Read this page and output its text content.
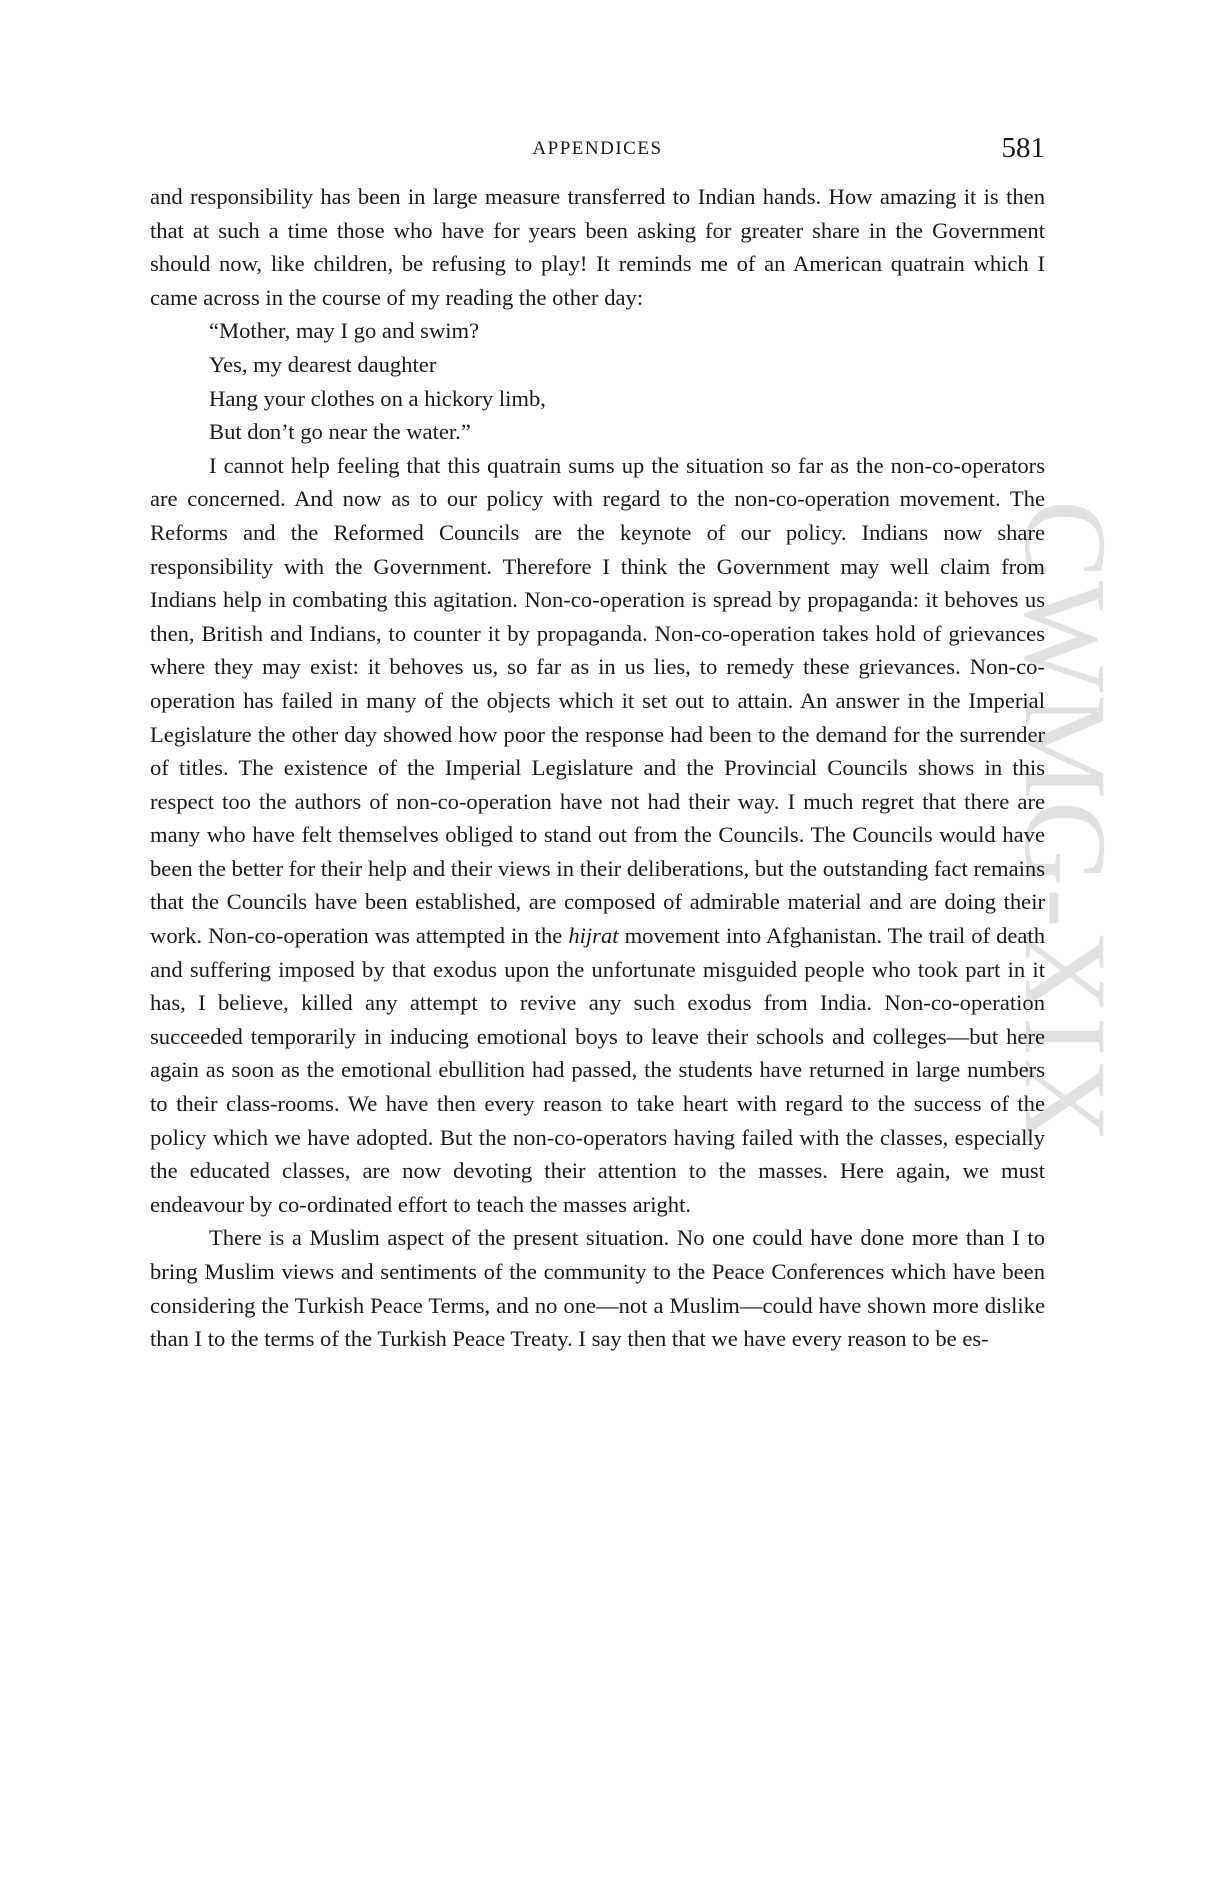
APPENDICES	581
CWMG-XIX

and responsibility has been in large measure transferred to Indian hands. How amazing it is then that at such a time those who have for years been asking for greater share in the Government should now, like children, be refusing to play! It reminds me of an American quatrain which I came across in the course of my reading the other day:

“Mother, may I go and swim?
Yes, my dearest daughter
Hang your clothes on a hickory limb,
But don’t go near the water.”

I cannot help feeling that this quatrain sums up the situation so far as the non-co-operators are concerned. And now as to our policy with regard to the non-co-operation movement. The Reforms and the Reformed Councils are the keynote of our policy. Indians now share responsibility with the Government. Therefore I think the Government may well claim from Indians help in combating this agitation. Non-co-operation is spread by propaganda: it behoves us then, British and Indians, to counter it by propaganda. Non-co-operation takes hold of grievances where they may exist: it behoves us, so far as in us lies, to remedy these grievances. Non-co-operation has failed in many of the objects which it set out to attain. An answer in the Imperial Legislature the other day showed how poor the response had been to the demand for the surrender of titles. The existence of the Imperial Legislature and the Provincial Councils shows in this respect too the authors of non-co-operation have not had their way. I much regret that there are many who have felt themselves obliged to stand out from the Councils. The Councils would have been the better for their help and their views in their deliberations, but the outstanding fact remains that the Councils have been established, are composed of admirable material and are doing their work. Non-co-operation was attempted in the hijrat movement into Afghanistan. The trail of death and suffering imposed by that exodus upon the unfortunate misguided people who took part in it has, I believe, killed any attempt to revive any such exodus from India. Non-co-operation succeeded temporarily in inducing emotional boys to leave their schools and colleges—but here again as soon as the emotional ebullition had passed, the students have returned in large numbers to their class-rooms. We have then every reason to take heart with regard to the success of the policy which we have adopted. But the non-co-operators having failed with the classes, especially the educated classes, are now devoting their attention to the masses. Here again, we must endeavour by co-ordinated effort to teach the masses aright.

There is a Muslim aspect of the present situation. No one could have done more than I to bring Muslim views and sentiments of the community to the Peace Conferences which have been considering the Turkish Peace Terms, and no one—not a Muslim—could have shown more dislike than I to the terms of the Turkish Peace Treaty. I say then that we have every reason to be es-
